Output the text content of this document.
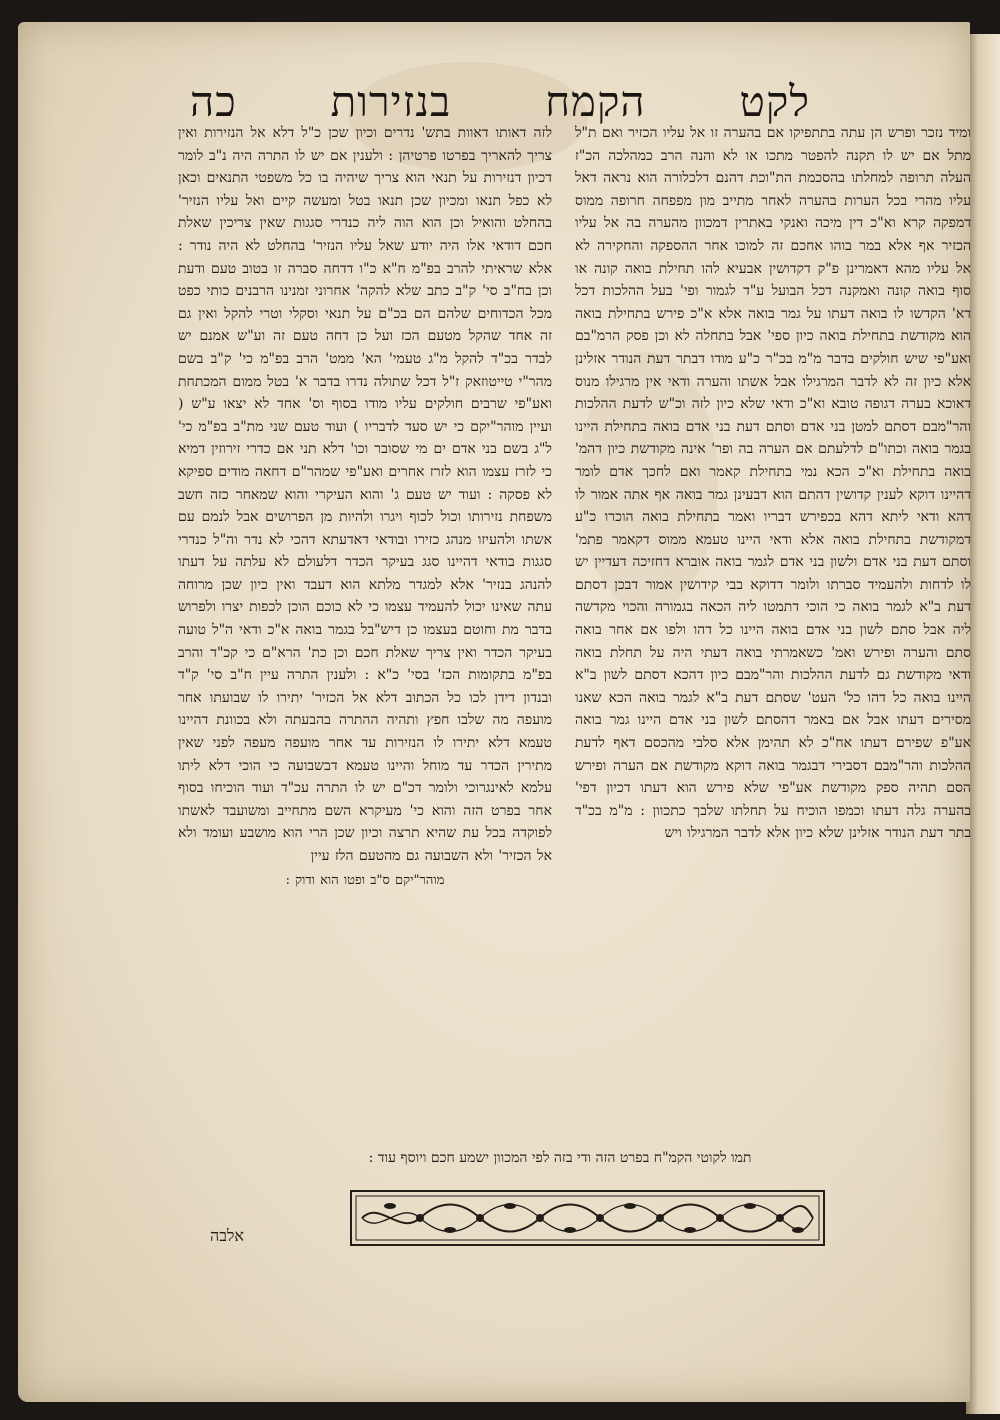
לקט
הקמח
בנזירות
כה

ומיד נזכר ופרש הן עתה בתתפיקו אם בהערה זו אל עליו הכזיר ואם ת"ל מתל אם יש לו תקנה להפטר מתכו או לא והנה הרב כמהלכה הכ"ז העלה תרופה למחלתו בהסכמת הת"וכת דהנם דלכלורה הוא נראה דאל עליו מהרי בכל הערות בהערה לאחר מתייב מון מפפחה חרופה ממוס דמפקה קרא וא"כ דין מיכה ואנקי באתרין דמכוון מהערה בה אל עליו הכזיר אף אלא במר בוהו אחכם זה למוכו אחר ההספקה והחקירה לא אל עליו מהא דאמרינן פ"ק דקדושין אבעיא להו תחילת בואה קונה או סוף בואה קונה ואמקנה דכל הבועל ע"ד לגמור ופי' בעל ההלכות דכל דא' הקדשו לו בואה דעתו על גמר בואה אלא א"כ פירש בתחילת בואה הוא מקודשת בתחילת בואה כיון ספי' אבל בתחלה לא וכן פסק הרמ"בם ואע"פי שיש חולקים בדבר מ"מ בכ"ר כ"ע מודו דבתר דעת הנודר אזלינן אלא כיון זה לא לדבר המרגילו אבל אשתו והערה ודאי אין מרגילו מנוס דאוכא בערה דגופה טובא וא"כ ודאי שלא כיון לזה וכ"ש לדעת ההלכות והר"מבם דסתם למטן בני אדם וסתם דעת בני אדם בואה בתחילת היינו בגמר בואה וכתו"ם לדלעתם אם הערה בה ופר' אינה מקודשת כיון דהמ' בואה בתחילת וא"כ הכא נמי בתחילת קאמר ואם לחכך אדם לומר דהיינו דוקא לענין קדושין דהתם הוא דבעינן גמר בואה אף אתה אמור לו דהא ודאי ליתא דהא בכפירש דבריו ואמר בתחילת בואה הוכרו כ"ע דמקודשת בתחילת בואה אלא ודאי היינו טעמא ממוס דקאמר פתמ' וסתם דעת בני אדם ולשון בני אדם לגמר בואה אוברא דחזיכה דעדיין יש לו לדחות ולהעמיד סברתו ולומר דדוקא בבי קידושין אמור דבכן דסתם דעת ב"א לגמר בואה כי הוכי דתמטו ליה הכאה בגמורה והכוי מקדשה ליה אבל סתם לשון בני אדם בואה היינו כל דהו ולפו אם אחר בואה סתם והערה ופירש ואמ' כשאמרתי בואה דעתי היה על תחלת בואה ודאי מקודשת גם לדעת ההלכות והר"מבם כיון דהכא דסתם לשון ב"א היינו בואה כל דהו כל' העט' שסתם דעת ב"א לגמר בואה הכא שאנו מסירים דעתו אבל אם באמר דהסתם לשון בני אדם היינו גמר בואה אע"פ שפירם דעתו אח"כ לא תהימן אלא סלבי מהכסם דאף לדעת ההלכות והר"מבם דסבירי דבגמר בואה דוקא מקודשת אם הערה ופירש הסם תהיה ספק מקודשת אע"פי שלא פירש הוא דעתו דכיון דפי' בהערה גלה דעתו וכמפו הוכיח על תחלתו שלבך כתכוון : מ"מ בכ"ד בתר דעת הנודר אזלינן שלא כיון אלא לדבר המרגילו ויש

לזה דאותו דאוות בתש' נדרים וכיון שכן כ"ל דלא אל הנזירות ואין צריך להאריך בפרטו פרטיהן : ולענין אם יש לו התרה היה נ"ב לומר דכיון דנזירות על תנאי הוא צריך שיהיה בו כל משפטי התנאים וכאן לא כפל תנאו ומכיון שכן תנאו בטל ומעשה קיים ואל עליו הנזיר' בהחלט והואיל וכן הוא הוה ליה כנדרי סגגות שאין צריכין שאלת חכם דודאי אלו היה יודע שאל עליו הנזיר' בהחלט לא היה נודר : אלא שראיתי להרב בפ"מ ח"א כ"ו דדחה סברה זו בטוב טעם ודעת וכן בח"ב סי' ק"ב כתב שלא להקה' אחרוני זמנינו הרבנים כותי כפט מכל הכדוחים שלהם הם בכ"ם על תנאי וסקלי וטרי להקל ואין גם זה אחד שהקל מטעם הכז ועל כן דחה טעם זה וע"ש אמנם יש לבדר בכ"ד להקל מ"ג טעמי' הא' ממט' הרב בפ"מ כי' ק"ב בשם מהר"י טייטוזאק ז"ל דכל שתולה נדרו בדבר א' בטל ממום המכתחת ואע"פי שרבים חולקים עליו מודו בסוף וס' אחד לא יצאו ע"ש ( ועיין מוהר"יקם כי יש סעד לדבריו ) ועוד טעם שני מת"ב בפ"מ כי' ל"ג בשם בני אדם ים מי שסובר וכו' דלא תני אם כדרי זירוזין דמיא כי לזרז עצמו הוא לזרז אחרים ואע"פי שמהר"ם דחאה מודים ספיקא לא פסקה : ועוד יש טעם ג' והוא העיקרי והוא שמאחר כזה חשב משפחת נזירותו וכול לכוף ויגרו ולהיות מן הפרושים אבל לנמם עם אשתו ולהעיזו מנהג כזירו ובודאי דאדעתא דהכי לא נדר וה"ל כנדרי סגגות בודאי דהיינו סגג בעיקר הכדר דלעולם לא עלתה על דעתו להנהג בנזיר' אלא למגדר מלתא הוא דעבד ואין כיון שכן מרוחה עתה שאינו יכול להעמיד עצמו כי לא כוכם הוכן לכפות יצרו ולפרוש בדבר מת וחוטם בעצמו כן דיש"בל בגמר בואה א"כ ודאי ה"ל טועה בעיקר הכדר ואין צריך שאלת חכם וכן כת' הרא"ם כי קכ"ד והרב בפ"מ בתקומות הכז' בסי' כ"א : ולענין התרה עיין ח"ב סי' ק"ד ובנדון דידן לכו כל הכתוב דלא אל הכזיר' יתירו לו שבועתו אחר מועפה מה שלבו חפץ ותהיה ההתרה בהבעתה ולא בכוונת דהיינו טעמא דלא יתירו לו הנזירות עד אחר מועפה מעפה לפני שאין מתירין הכדר עד מוחל והיינו טעמא דבשבועה כי הוכי דלא ליתו עלמא לאינגרוכי ולומר דכ"ם יש לו התרה עכ"ד ועוד הוכיחו בסוף אחר בפרט הזה והוא כי' מעיקרא השם מתחייב ומשועבד לאשתו לפוקדה בכל עת שהיא תרצה וכיון שכן הרי הוא מושבע ועומד ולא אל הכזיר' ולא השבועה גם מהטעם הלז עיין

מוהר"יקם ס"ב ופטו הוא ודוק :

תמו לקוטי הקמ"ח בפרט הזה ודי בזה לפי המכוון ישמע חכם ויוסף עוד :
אלבה
